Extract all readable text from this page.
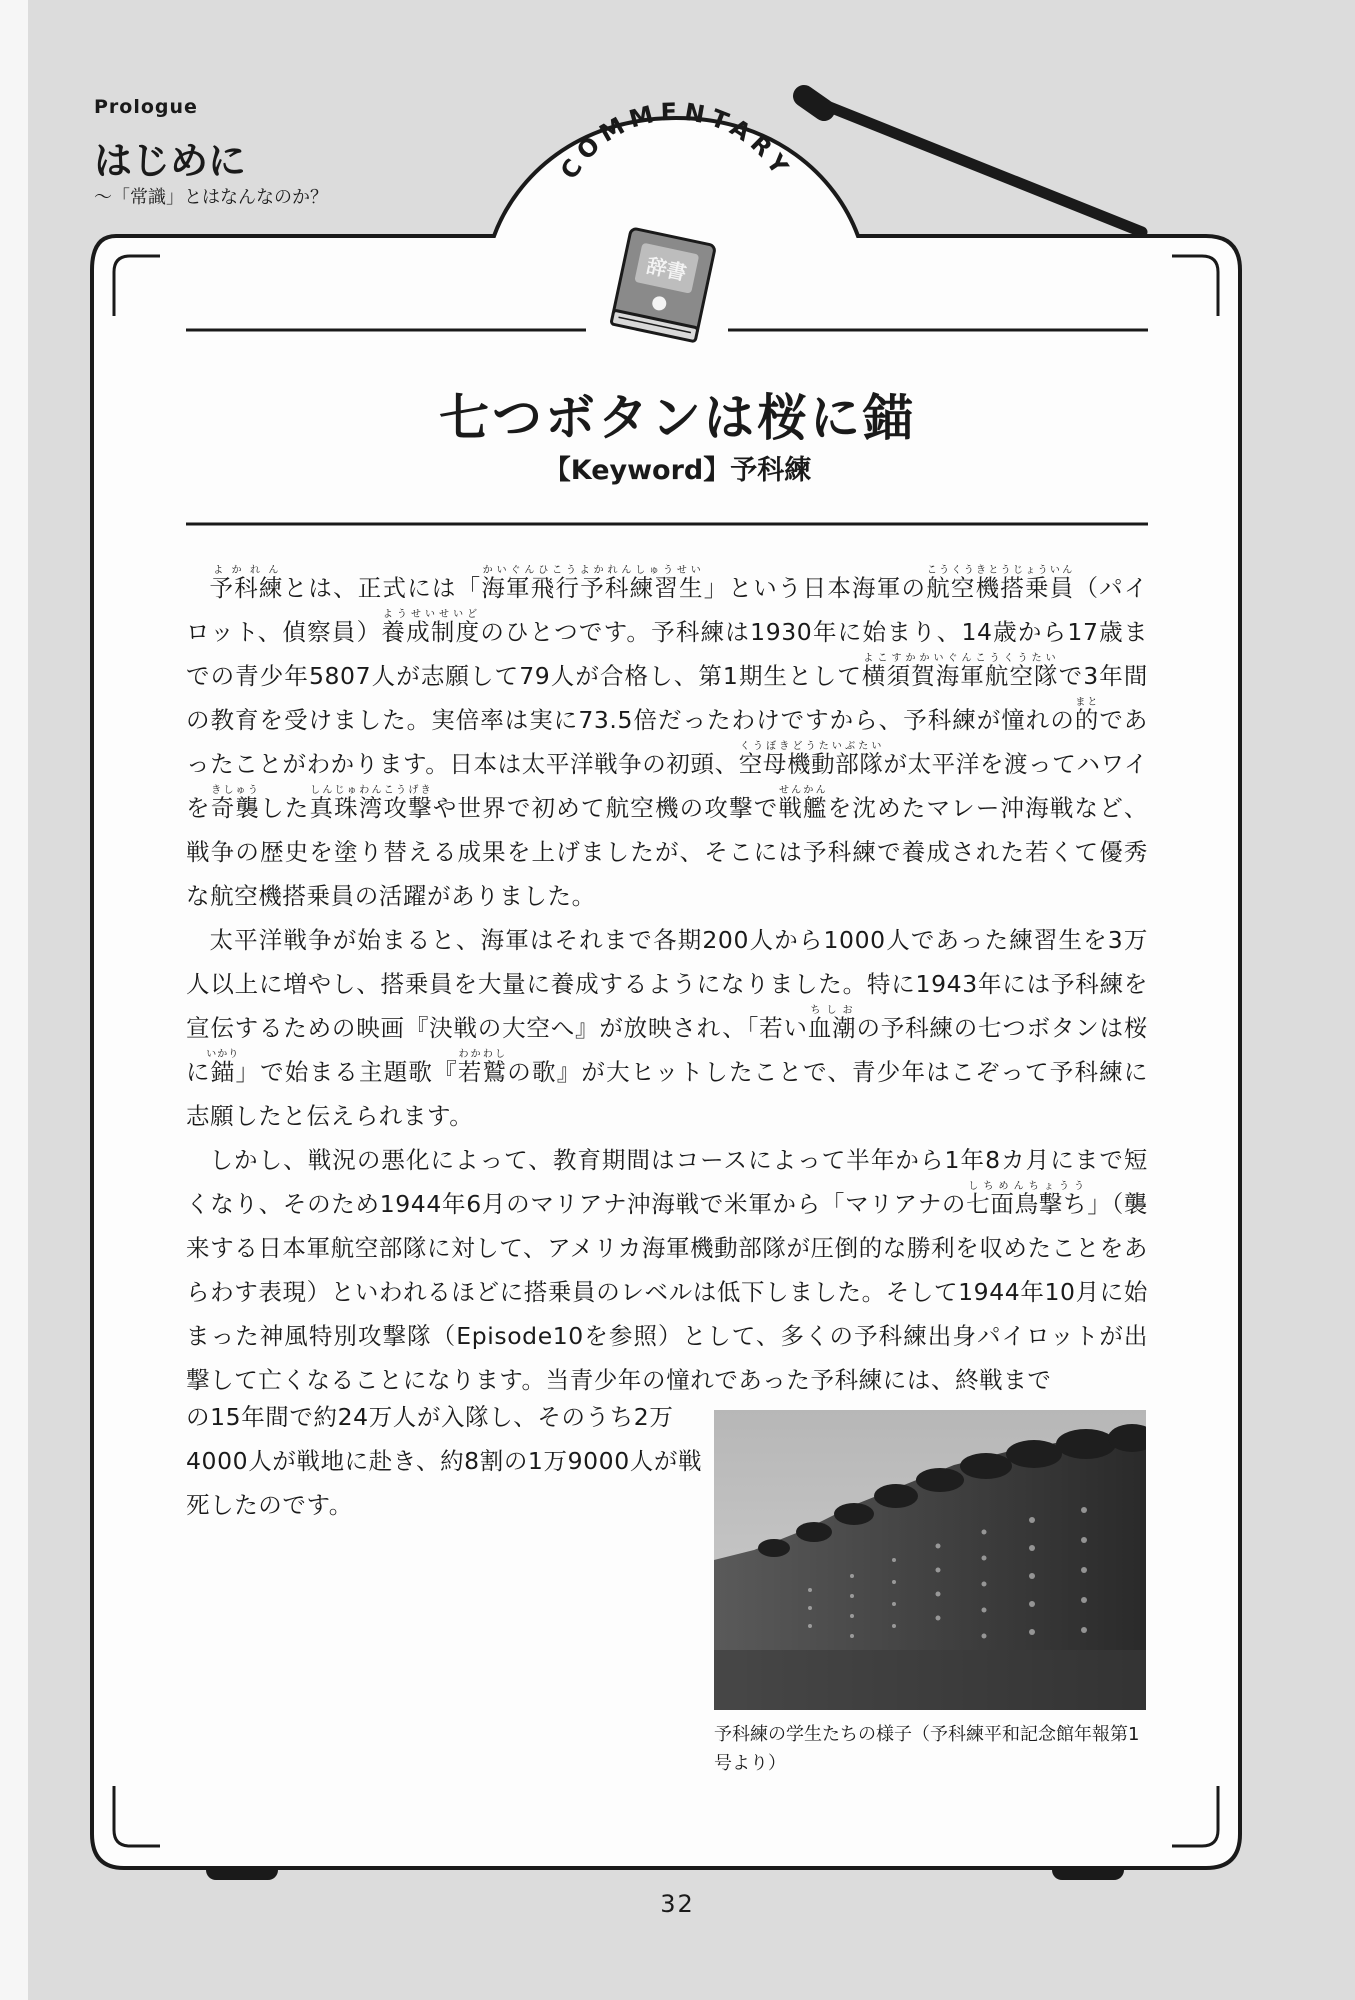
Prologue
はじめに
～「常識」とはなんなのか？
COMMENTARY
辞書
七つボタンは桜に錨
【Keyword】予科練

予科練よかれんとは、正式には「海軍飛行予科練習生かいぐんひこうよかれんしゅうせい」という日本海軍の航空機搭乗員こうくうきとうじょういん（パイロット、偵察員）養成制度ようせいせいどのひとつです。予科練は1930年に始まり、14歳から17歳までの青少年5807人が志願して79人が合格し、第1期生として横須賀海軍航空隊よこすかかいぐんこうくうたいで3年間の教育を受けました。実倍率は実に73.5倍だったわけですから、予科練が憧れの的まとであったことがわかります。日本は太平洋戦争の初頭、空母機動部隊くうぼきどうたいぶたいが太平洋を渡ってハワイを奇襲きしゅうした真珠湾攻撃しんじゅわんこうげきや世界で初めて航空機の攻撃で戦艦せんかんを沈めたマレー沖海戦など、戦争の歴史を塗り替える成果を上げましたが、そこには予科練で養成された若くて優秀な航空機搭乗員の活躍がありました。

太平洋戦争が始まると、海軍はそれまで各期200人から1000人であった練習生を3万人以上に増やし、搭乗員を大量に養成するようになりました。特に1943年には予科練を宣伝するための映画『決戦の大空へ』が放映され、「若い血潮ちしおの予科練の七つボタンは桜に錨いかり」で始まる主題歌『若鷲わかわしの歌』が大ヒットしたことで、青少年はこぞって予科練に志願したと伝えられます。

しかし、戦況の悪化によって、教育期間はコースによって半年から1年8カ月にまで短くなり、そのため1944年6月のマリアナ沖海戦で米軍から「マリアナの七面鳥撃ちしちめんちょうう」（襲来する日本軍航空部隊に対して、アメリカ海軍機動部隊が圧倒的な勝利を収めたことをあらわす表現）といわれるほどに搭乗員のレベルは低下しました。そして1944年10月に始まった神風特別攻撃隊（Episode10を参照）として、多くの予科練出身パイロットが出撃して亡くなることになります。当青少年の憧れであった予科練には、終戦まで

の15年間で約24万人が入隊し、そのうち2万4000人が戦地に赴き、約8割の1万9000人が戦死したのです。
予科練の学生たちの様子（予科練平和記念館年報第1号より）
32
